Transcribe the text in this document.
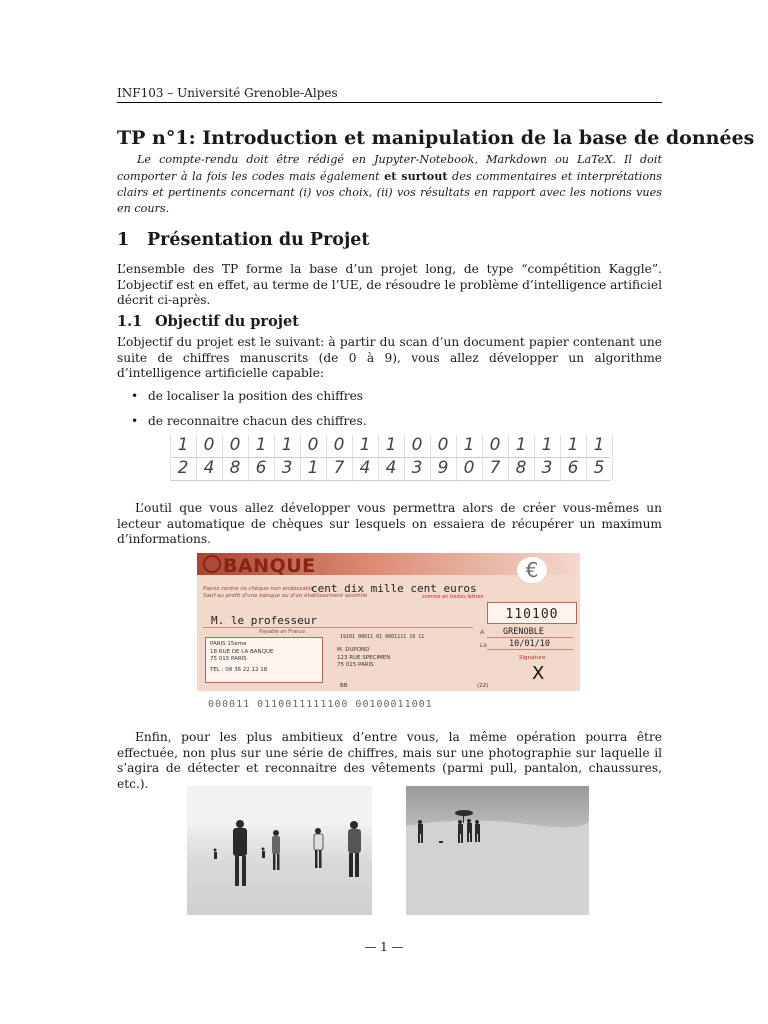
INF103 – Université Grenoble-Alpes
TP n°1: Introduction et manipulation de la base de données
Le compte-rendu doit être rédigé en Jupyter-Notebook, Markdown ou LaTeX. Il doit comporter à la fois les codes mais également et surtout des commentaires et interprétations clairs et pertinents concernant (i) vos choix, (ii) vos résultats en rapport avec les notions vues en cours.
1 Présentation du Projet
L’ensemble des TP forme la base d’un projet long, de type “compétition Kaggle”. L’objectif est en effet, au terme de l’UE, de résoudre le problème d’intelligence artificiel décrit ci-après.
1.1 Objectif du projet
L’objectif du projet est le suivant: à partir du scan d’un document papier contenant une suite de chiffres manuscrits (de 0 à 9), vous allez développer un algorithme d’intelligence artificielle capable:
• de localiser la position des chiffres
• de reconnaitre chacun des chiffres.
1 0 0 1 1 0 0 1 1 0 0 1 0 1 1 1 1
2 4 8 6 3 1 7 4 4 3 9 0 7 8 3 6 5
L’outil que vous allez développer vous permettra alors de créer vous-mêmes un lecteur automatique de chèques sur lesquels on essaiera de récupérer un maximum d’informations.
BANQUE
Payez contre ce chèque non endossable
Sauf au profit d'une banque ou d'un établissement assimilé
cent dix mille cent euros
somme en toutes lettres
M. le professeur
Payable en France
PARIS 15ème
18 RUE DE LA BANQUE
75 015 PARIS
TEL : 08 36 22 12 18
19101 00011 01 0001111 10 11
M. DUPOND
123 RUE SPECIMEN
75 015 PARIS
BB	(22)
€
110100
A GRENOBLE
Le	10/01/10
Signature
X
000011 0110011111100 00100011001
Enfin, pour les plus ambitieux d’entre vous, la même opération pourra être effectuée, non plus sur une série de chiffres, mais sur une photographie sur laquelle il s’agira de détecter et reconnaitre des vêtements (parmi pull, pantalon, chaussures, etc.).
— 1 —
